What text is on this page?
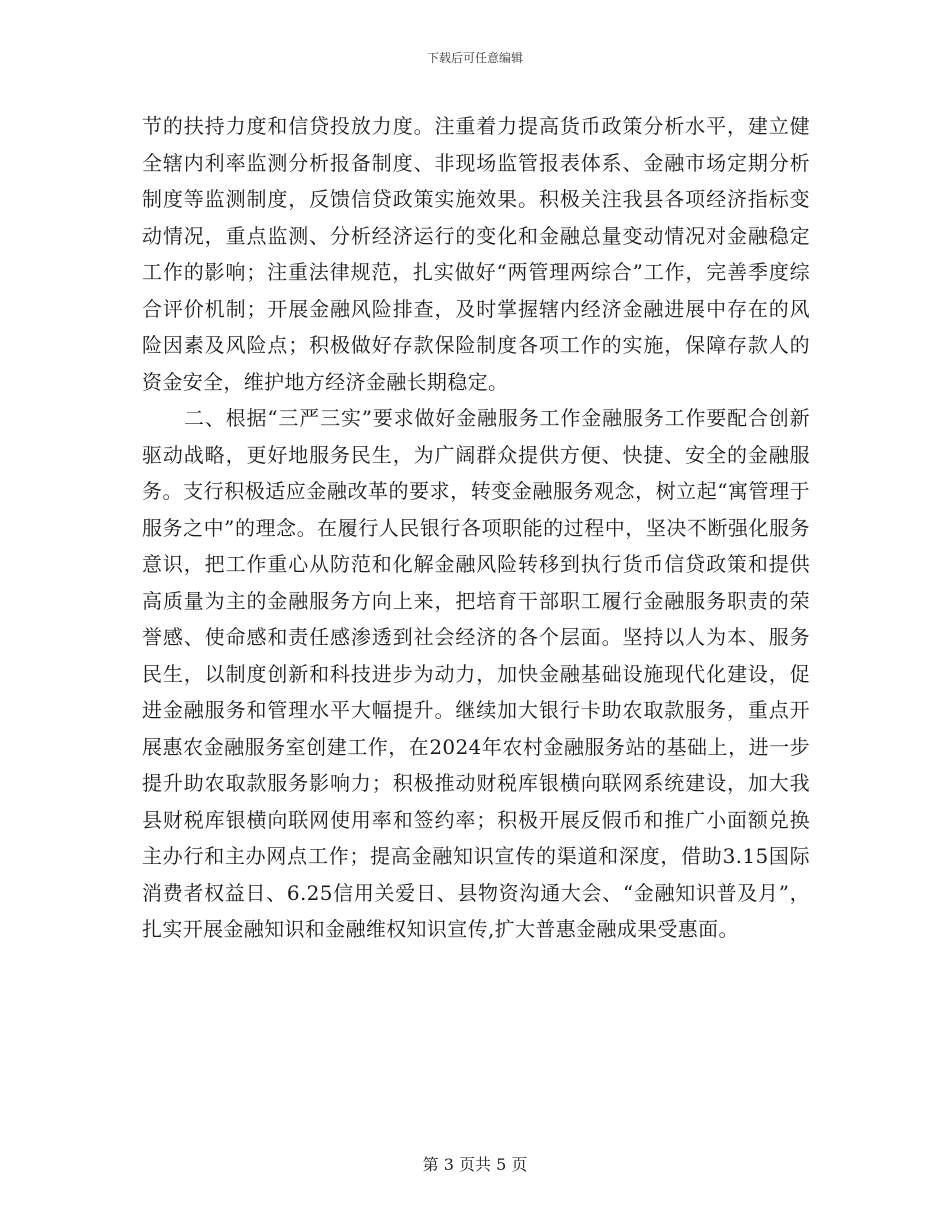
下载后可任意编辑

节的扶持力度和信贷投放力度。注重着力提高货币政策分析水平，建立健全辖内利率监测分析报备制度、非现场监管报表体系、金融市场定期分析制度等监测制度，反馈信贷政策实施效果。积极关注我县各项经济指标变动情况，重点监测、分析经济运行的变化和金融总量变动情况对金融稳定工作的影响；注重法律规范，扎实做好“两管理两综合”工作，完善季度综合评价机制；开展金融风险排查，及时掌握辖内经济金融进展中存在的风险因素及风险点；积极做好存款保险制度各项工作的实施，保障存款人的资金安全，维护地方经济金融长期稳定。

二、根据“三严三实”要求做好金融服务工作金融服务工作要配合创新驱动战略，更好地服务民生，为广阔群众提供方便、快捷、安全的金融服务。支行积极适应金融改革的要求，转变金融服务观念，树立起“寓管理于服务之中”的理念。在履行人民银行各项职能的过程中，坚决不断强化服务意识，把工作重心从防范和化解金融风险转移到执行货币信贷政策和提供高质量为主的金融服务方向上来，把培育干部职工履行金融服务职责的荣誉感、使命感和责任感渗透到社会经济的各个层面。坚持以人为本、服务民生，以制度创新和科技进步为动力，加快金融基础设施现代化建设，促进金融服务和管理水平大幅提升。继续加大银行卡助农取款服务，重点开展惠农金融服务室创建工作，在2024年农村金融服务站的基础上，进一步提升助农取款服务影响力；积极推动财税库银横向联网系统建设，加大我县财税库银横向联网使用率和签约率；积极开展反假币和推广小面额兑换主办行和主办网点工作；提高金融知识宣传的渠道和深度，借助3.15国际消费者权益日、6.25信用关爱日、县物资沟通大会、“金融知识普及月”，扎实开展金融知识和金融维权知识宣传,扩大普惠金融成果受惠面。

第 3 页共 5 页
